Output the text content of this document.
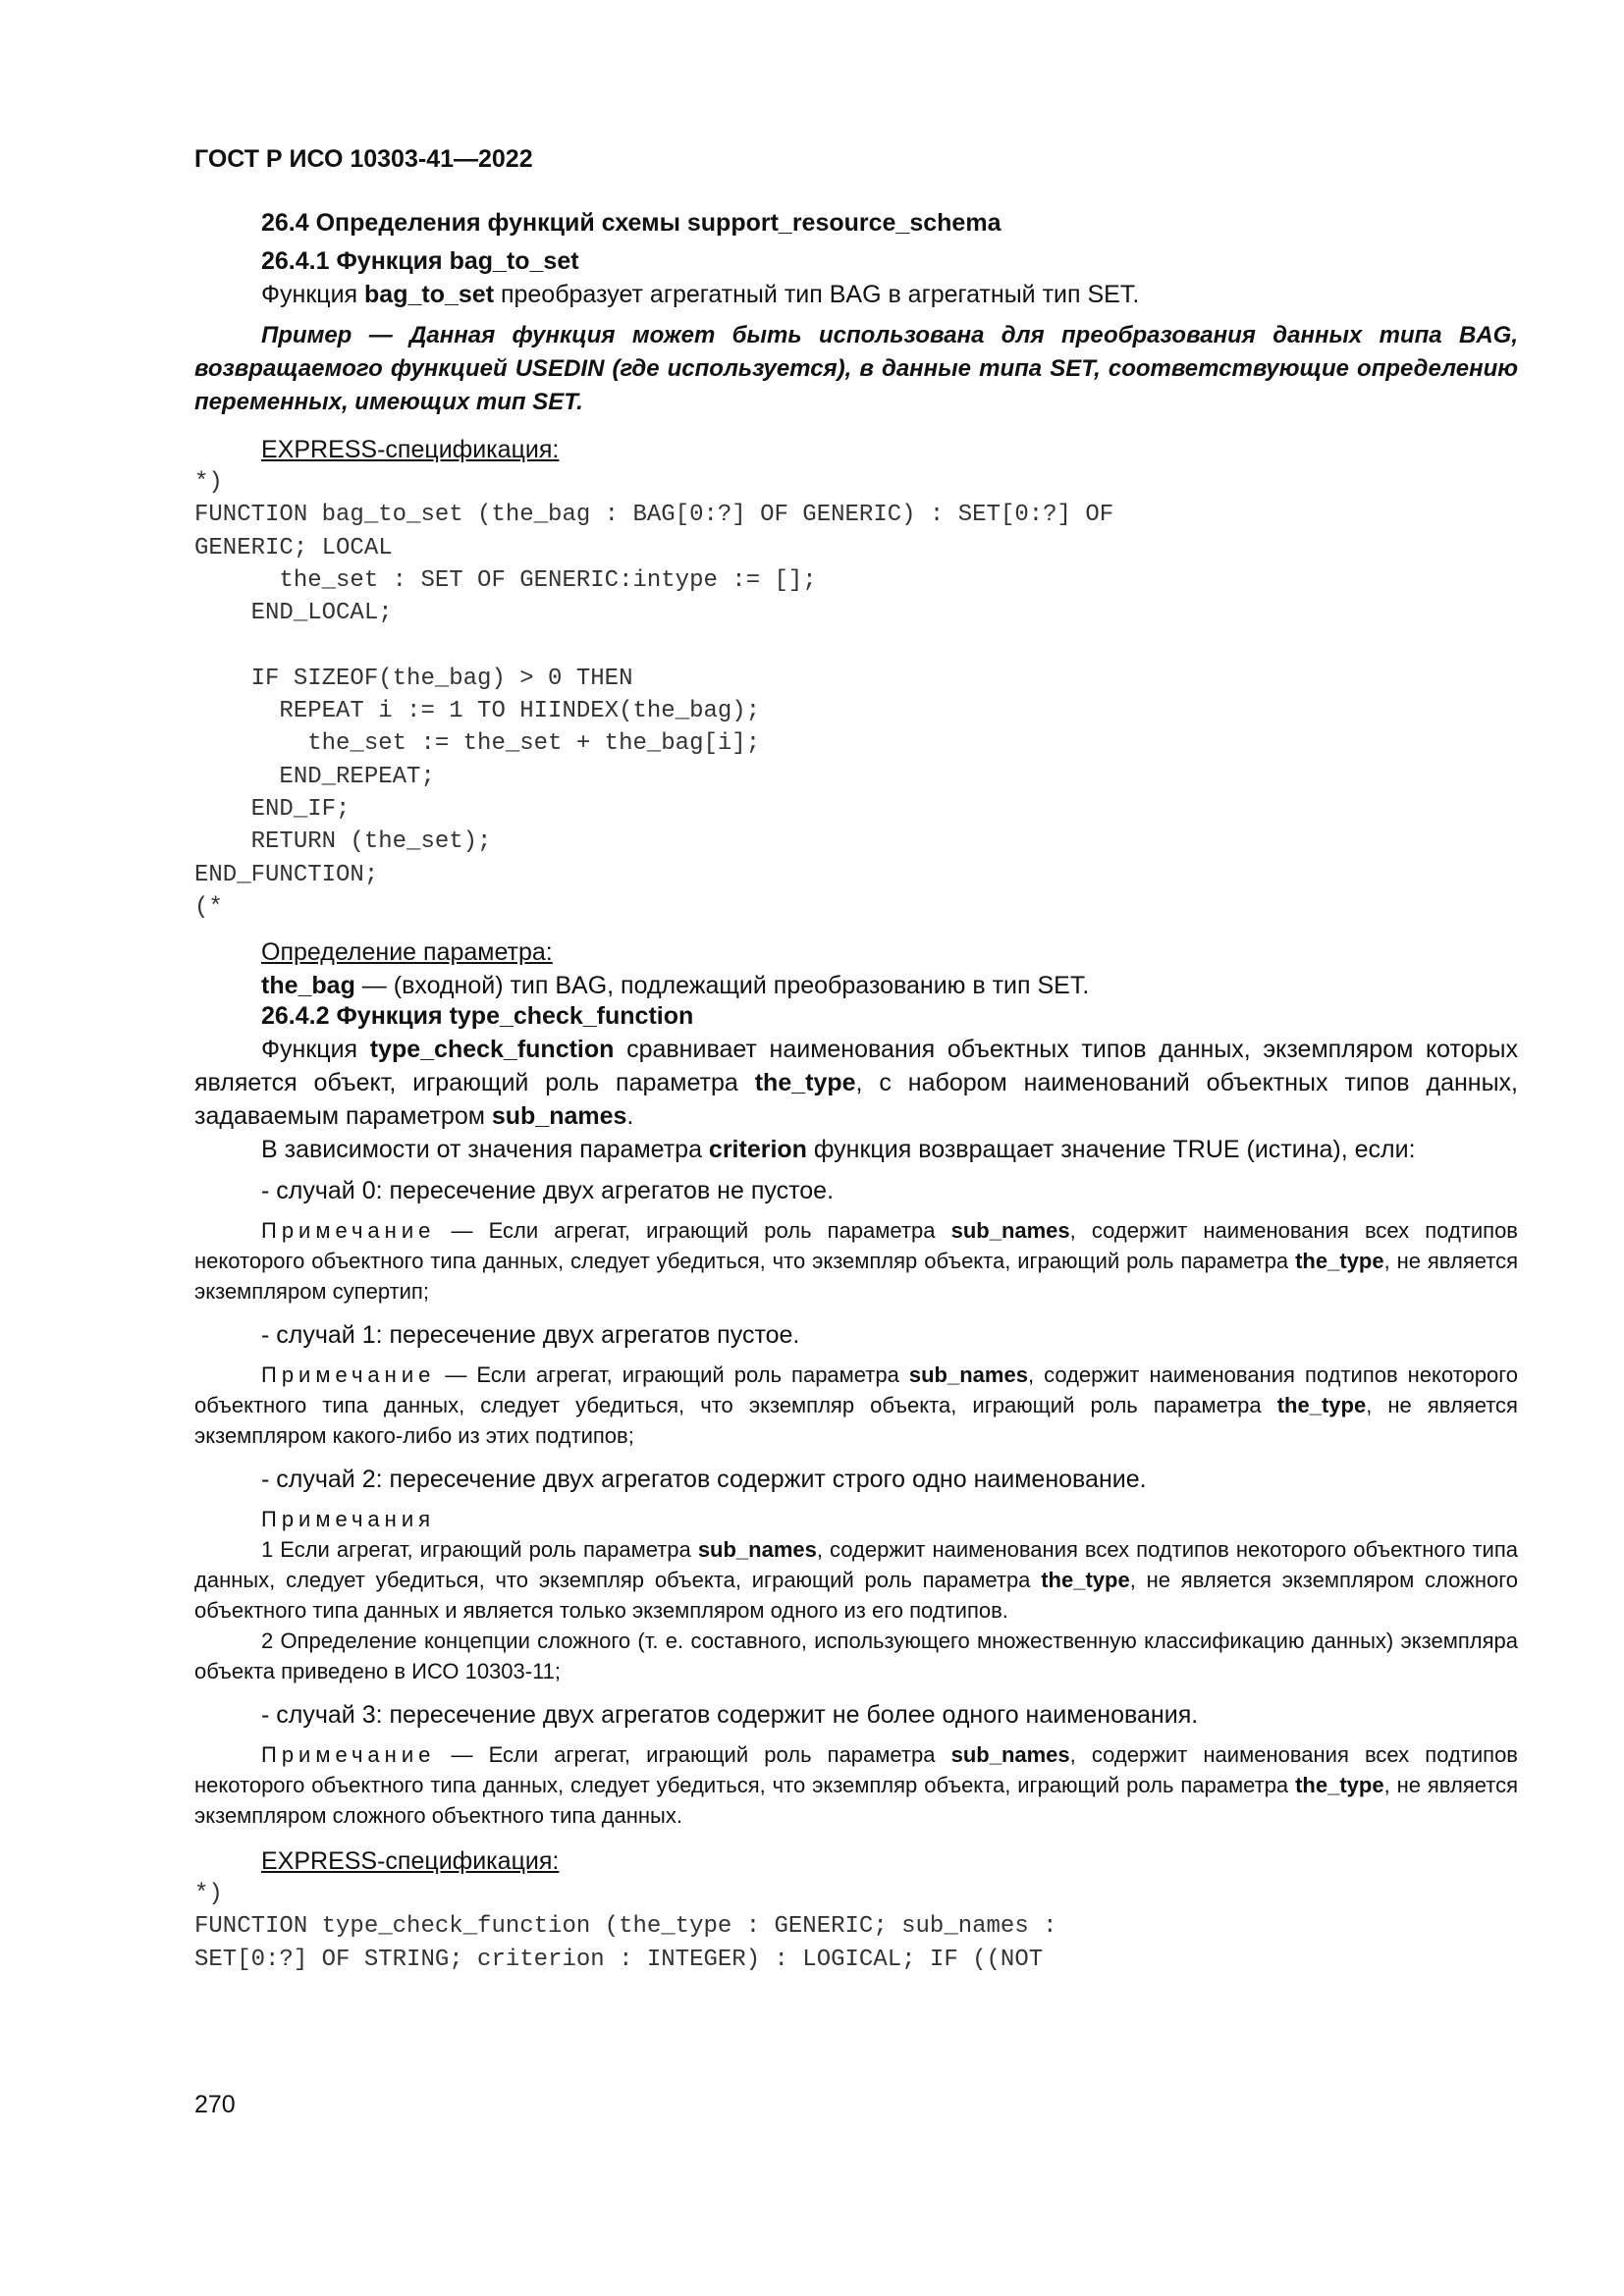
ГОСТ Р ИСО 10303-41—2022
26.4 Определения функций схемы support_resource_schema
26.4.1 Функция bag_to_set

Функция bag_to_set преобразует агрегатный тип BAG в агрегатный тип SET.

Пример — Данная функция может быть использована для преобразования данных типа BAG, возвращаемого функцией USEDIN (где используется), в данные типа SET, соответствующие определению переменных, имеющих тип SET.

EXPRESS-спецификация:
*)
FUNCTION bag_to_set (the_bag : BAG[0:?] OF GENERIC) : SET[0:?] OF
GENERIC; LOCAL
the_set : SET OF GENERIC:intype := [];
END_LOCAL;

IF SIZEOF(the_bag) > 0 THEN
REPEAT i := 1 TO HIINDEX(the_bag);
the_set := the_set + the_bag[i];
END_REPEAT;
END_IF;
RETURN (the_set);
END_FUNCTION;
(*
Определение параметра:

the_bag — (входной) тип BAG, подлежащий преобразованию в тип SET.

26.4.2 Функция type_check_function

Функция type_check_function сравнивает наименования объектных типов данных, экземпляром которых является объект, играющий роль параметра the_type, с набором наименований объектных типов данных, задаваемым параметром sub_names.

В зависимости от значения параметра criterion функция возвращает значение TRUE (истина), если:

- случай 0: пересечение двух агрегатов не пустое.

Примечание — Если агрегат, играющий роль параметра sub_names, содержит наименования всех подтипов некоторого объектного типа данных, следует убедиться, что экземпляр объекта, играющий роль параметра the_type, не является экземпляром супертип;

- случай 1: пересечение двух агрегатов пустое.

Примечание — Если агрегат, играющий роль параметра sub_names, содержит наименования подтипов некоторого объектного типа данных, следует убедиться, что экземпляр объекта, играющий роль параметра the_type, не является экземпляром какого-либо из этих подтипов;

- случай 2: пересечение двух агрегатов содержит строго одно наименование.
Примечания

1 Если агрегат, играющий роль параметра sub_names, содержит наименования всех подтипов некоторого объектного типа данных, следует убедиться, что экземпляр объекта, играющий роль параметра the_type, не является экземпляром сложного объектного типа данных и является только экземпляром одного из его подтипов.

2 Определение концепции сложного (т. е. составного, использующего множественную классификацию данных) экземпляра объекта приведено в ИСО 10303-11;

- случай 3: пересечение двух агрегатов содержит не более одного наименования.

Примечание — Если агрегат, играющий роль параметра sub_names, содержит наименования всех подтипов некоторого объектного типа данных, следует убедиться, что экземпляр объекта, играющий роль параметра the_type, не является экземпляром сложного объектного типа данных.

EXPRESS-спецификация:
*)
FUNCTION type_check_function (the_type : GENERIC; sub_names :
SET[0:?] OF STRING; criterion : INTEGER) : LOGICAL; IF ((NOT
270
